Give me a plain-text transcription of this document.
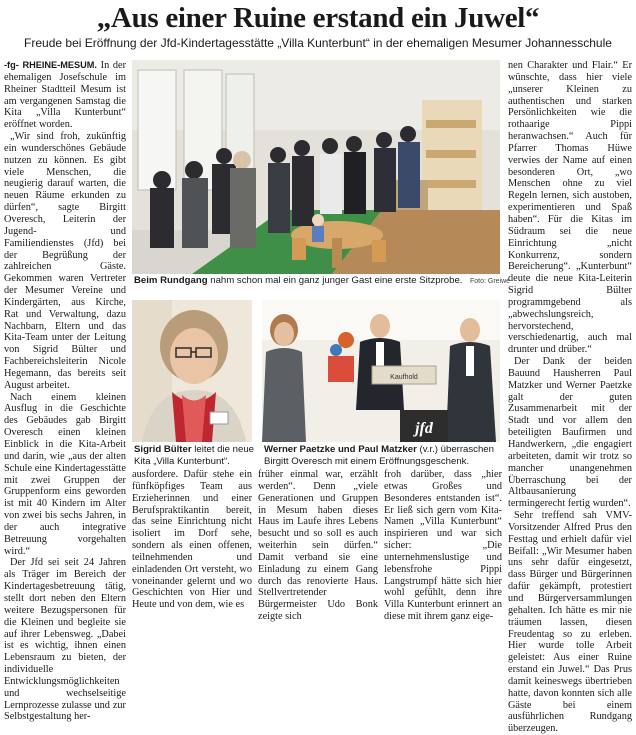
„Aus einer Ruine erstand ein Juwel“
Freude bei Eröffnung der Jfd-Kindertagesstätte „Villa Kunterbunt“ in der ehemaligen Mesumer Johannesschule

-fg- RHEINE-MESUM. In der ehemaligen Josefschule im Rheiner Stadtteil Mesum ist am vergangenen Samstag die Kita „Villa Kunterbunt“ eröffnet worden.

„Wir sind froh, zukünftig ein wunderschönes Gebäude nutzen zu können. Es gibt viele Menschen, die neugierig darauf warten, die neuen Räume erkunden zu dürfen“, sagte Birgitt Overesch, Leiterin der Jugend- und Familiendienstes (Jfd) bei der Begrüßung der zahlreichen Gäste. Gekommen waren Vertreter der Mesumer Vereine und Kindergärten, aus Kirche, Rat und Verwaltung, dazu Nachbarn, Eltern und das Kita-Team unter der Leitung von Sigrid Bülter und Fachbereichsleiterin Nicole Hegemann, das bereits seit August arbeitet.

Nach einem kleinen Ausflug in die Geschichte des Gebäudes gab Birgitt Overesch einen kleinen Einblick in die Kita-Arbeit und darin, wie „aus der alten Schule eine Kindertagesstätte mit zwei Gruppen der Gruppenform eins geworden ist mit 40 Kindern im Alter von zwei bis sechs Jahren, in der auch integrative Betreuung vorgehalten wird.“

Der Jfd sei seit 24 Jahren als Träger im Bereich der Kindertagesbetreuung tätig, stellt dort neben den Eltern weitere Bezugspersonen für die Kleinen und begleite sie auf ihrer Lebensweg. „Dabei ist es wichtig, ihnen einen Lebensraum zu bieten, der individuelle Entwicklungsmöglichkeiten und wechselseitige Lernprozesse zulasse und zur Selbstgestaltung her-

Beim Rundgang nahm schon mal ein ganz junger Gast eine erste Sitzprobe. Foto: Greiwe
Sigrid Bülter leitet die neue Kita „Villa Kunterbunt“.
Kaufhold
jfd
Werner Paetzke und Paul Matzker (v.r.) überraschen Birgitt Overesch mit einem Eröffnungsgeschenk.

ausfordere. Dafür stehe ein fünfköpfiges Team aus Erzieherinnen und einer Berufspraktikantin bereit, das seine Einrichtung nicht isoliert im Dorf sehe, sondern als einen offenen, teilnehmenden und einladenden Ort versteht, wo voneinander gelernt und wo Geschichten von Hier und Heute und von dem, wie es

früher einmal war, erzählt werden“. Denn „viele Generationen und Gruppen in Mesum haben dieses Haus im Laufe ihres Lebens besucht und so soll es auch weiterhin sein dürfen.“ Damit verband sie eine Einladung zu einem Gang durch das renovierte Haus. Stellvertretender Bürgermeister Udo Bonk zeigte sich

froh darüber, dass „hier etwas Großes und Besonderes entstanden ist“. Er ließ sich gern vom Kita-Namen „Villa Kunterbunt“ inspirieren und war sich sicher: „Die unternehmenslustige und lebensfrohe Pippi Langstrumpf hätte sich hier wohl gefühlt, denn ihre Villa Kunterbunt erinnert an diese mit ihrem ganz eige-

nen Charakter und Flair.“ Er wünschte, dass hier viele „unserer Kleinen zu authentischen und starken Persönlichkeiten wie die rothaarige Pippi heranwachsen.“ Auch für Pfarrer Thomas Hüwe verwies der Name auf einen besonderen Ort, „wo Menschen ohne zu viel Regeln lernen, sich austoben, experimentieren und Spaß haben“. Für die Kitas im Südraum sei die neue Einrichtung „nicht Konkurrenz, sondern Bereicherung“. „Kunterbunt“ deute die neue Kita-Leiterin Sigrid Bülter programmgebend als „abwechslungsreich, hervorstechend, verschiedenartig, auch mal drunter und drüber.“

Der Dank der beiden Bauund Hausherren Paul Matzker und Werner Paetzke galt der guten Zusammenarbeit mit der Stadt und vor allem den beteiligten Baufirmen und Handwerkern, „die engagiert arbeiteten, damit wir trotz so mancher unangenehmen Überraschung bei der Altbausanierung termingerecht fertig wurden“.

Sehr treffend sah VMV-Vorsitzender Alfred Prus den Festtag und erhielt dafür viel Beifall: „Wir Mesumer haben uns sehr dafür eingesetzt, dass Bürger und Bürgerinnen dafür gekämpft, protestiert und Bürgerversammlungen gehalten. Ich hätte es mir nie träumen lassen, diesen Freudentag so zu erleben. Hier wurde tolle Arbeit geleistet: Aus einer Ruine erstand ein Juwel.“ Das Prus damit keineswegs übertrieben hatte, davon konnten sich alle Gäste bei einem ausführlichen Rundgang überzeugen.
